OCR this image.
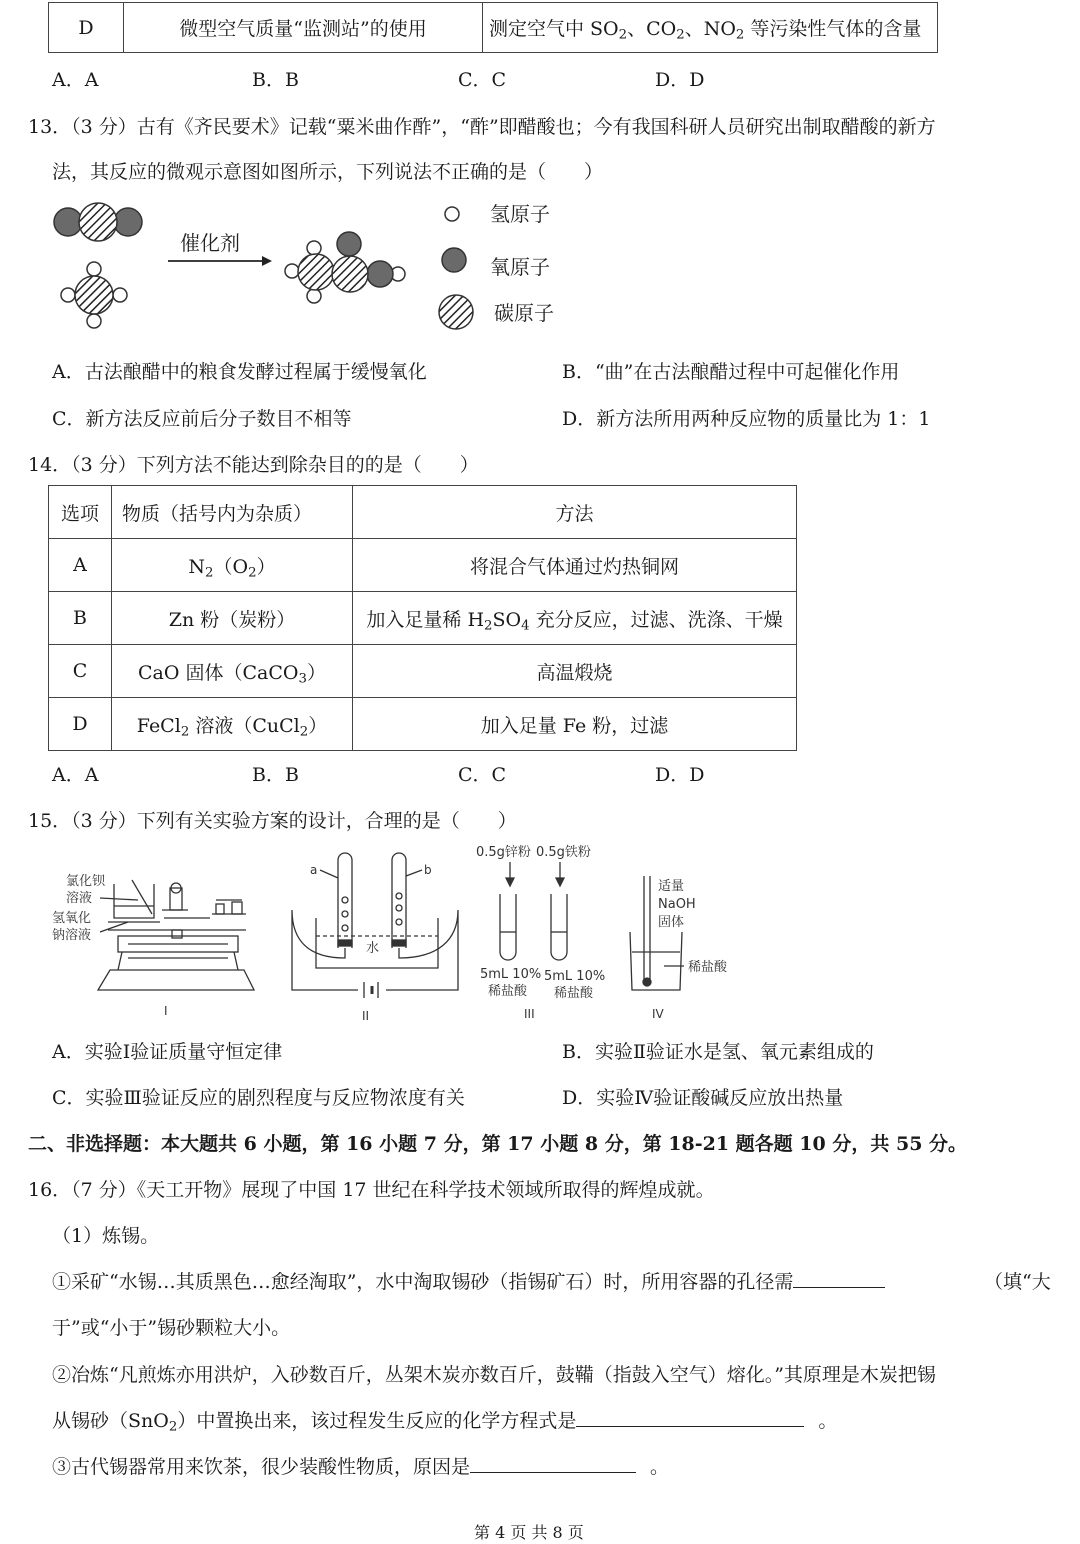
D	微型空气质量“监测站”的使用	测定空气中 $SO_2$、$CO_2$、$NO_2$ 等污染性气体的含量
A．A	B．B	C．C	D．D
13．（3 分）古有《齐民要术》记载“粟米曲作酢”，“酢”即醋酸也；今有我国科研人员研究出制取醋酸的新方
法，其反应的微观示意图如图所示，下列说法不正确的是（　　）
催化剂
氢原子
氧原子
碳原子
A．古法酿醋中的粮食发酵过程属于缓慢氧化	B．“曲”在古法酿醋过程中可起催化作用
C．新方法反应前后分子数目不相等	D．新方法所用两种反应物的质量比为 1：1
14．（3 分）下列方法不能达到除杂目的的是（　　）
选项	物质（括号内为杂质）	方法
A	$N_2(O_2)$	将混合气体通过灼热铜网
B	Zn 粉（炭粉）	加入足量稀 $H_2SO_4$ 充分反应，过滤、洗涤、干燥
C	CaO 固体（CaCO$_3$）	高温煅烧
D	FeCl$_2$ 溶液（CuCl$_2$）	加入足量 Fe 粉，过滤
A．A	B．B	C．C	D．D
15．（3 分）下列有关实验方案的设计，合理的是（　　）
氯化钡
溶液
氢氧化
钠溶液
I
a	b
水
II
0.5g锌粉 0.5g铁粉
5mL 10%
稀盐酸
5mL 10%
稀盐酸
III
适量
NaOH
固体
稀盐酸
IV
A．实验Ⅰ验证质量守恒定律	B．实验Ⅱ验证水是氢、氧元素组成的
C．实验Ⅲ验证反应的剧烈程度与反应物浓度有关	D．实验Ⅳ验证酸碱反应放出热量
二、非选择题：本大题共 6 小题，第 16 小题 7 分，第 17 小题 8 分，第 18-21 题各题 10 分，共 55 分。
16．（7 分）《天工开物》展现了中国 17 世纪在科学技术领域所取得的辉煌成就。
（1）炼锡。
①采矿“水锡…其质黑色…愈经淘取”，水中淘取锡砂（指锡矿石）时，所用容器的孔径需	（填“大
于”或“小于”锡砂颗粒大小。
②冶炼“凡煎炼亦用洪炉，入砂数百斤，丛架木炭亦数百斤，鼓鞴（指鼓入空气）熔化。”其原理是木炭把锡
从锡砂（SnO$_2$）中置换出来，该过程发生反应的化学方程式是	。
③古代锡器常用来饮茶，很少装酸性物质，原因是	。
第 4 页 共 8 页
